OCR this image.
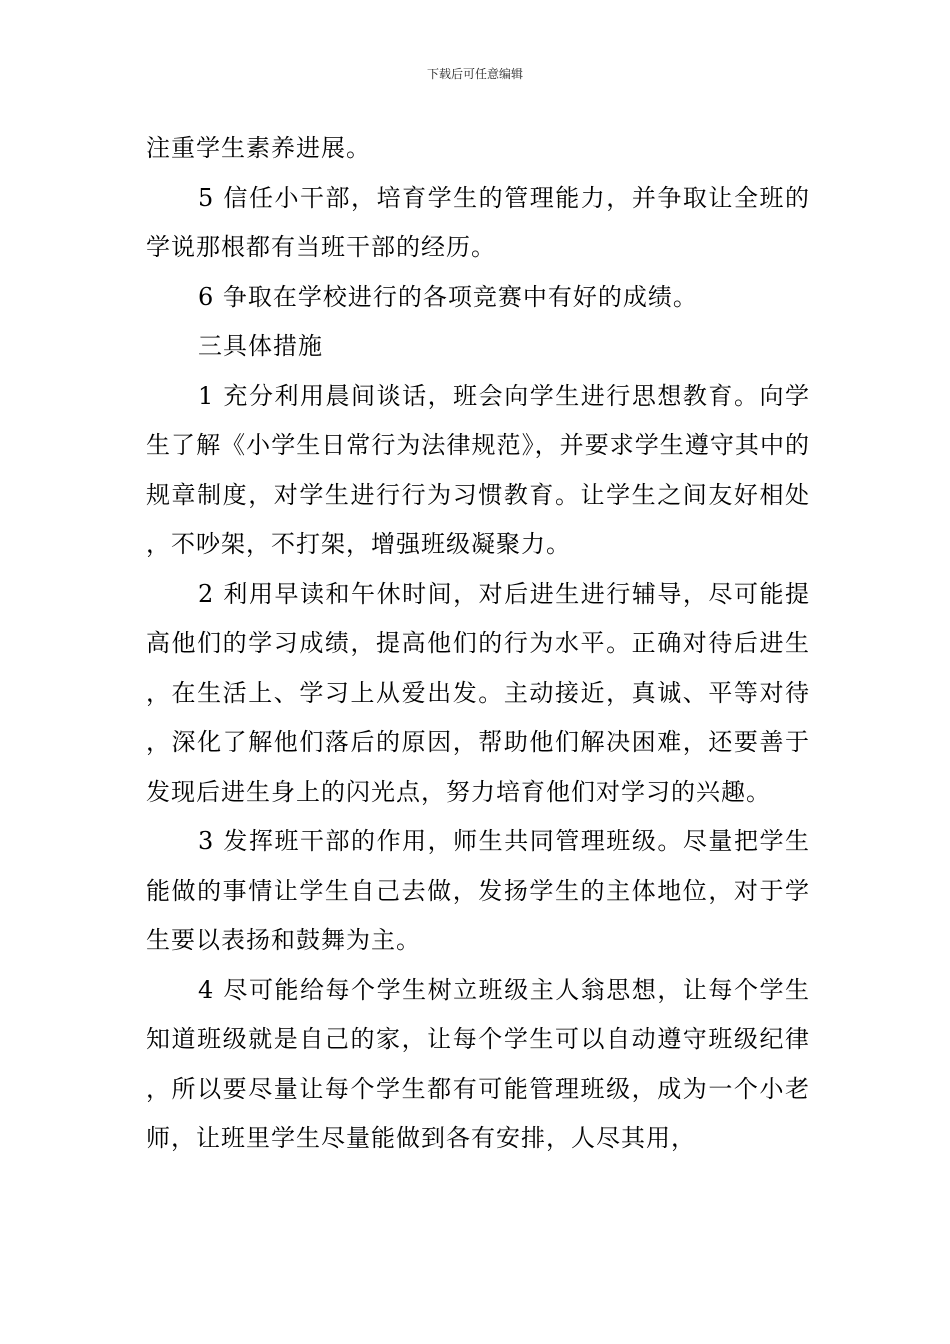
下载后可任意编辑

注重学生素养进展。

5 信任小干部，培育学生的管理能力，并争取让全班的学说那根都有当班干部的经历。

6 争取在学校进行的各项竞赛中有好的成绩。

三具体措施

1 充分利用晨间谈话，班会向学生进行思想教育。向学生了解《小学生日常行为法律规范》，并要求学生遵守其中的规章制度，对学生进行行为习惯教育。让学生之间友好相处，不吵架，不打架，增强班级凝聚力。

2 利用早读和午休时间，对后进生进行辅导，尽可能提高他们的学习成绩，提高他们的行为水平。正确对待后进生，在生活上、学习上从爱出发。主动接近，真诚、平等对待，深化了解他们落后的原因，帮助他们解决困难，还要善于发现后进生身上的闪光点，努力培育他们对学习的兴趣。

3 发挥班干部的作用，师生共同管理班级。尽量把学生能做的事情让学生自己去做，发扬学生的主体地位，对于学生要以表扬和鼓舞为主。

4 尽可能给每个学生树立班级主人翁思想，让每个学生知道班级就是自己的家，让每个学生可以自动遵守班级纪律，所以要尽量让每个学生都有可能管理班级，成为一个小老师，让班里学生尽量能做到各有安排，人尽其用，
